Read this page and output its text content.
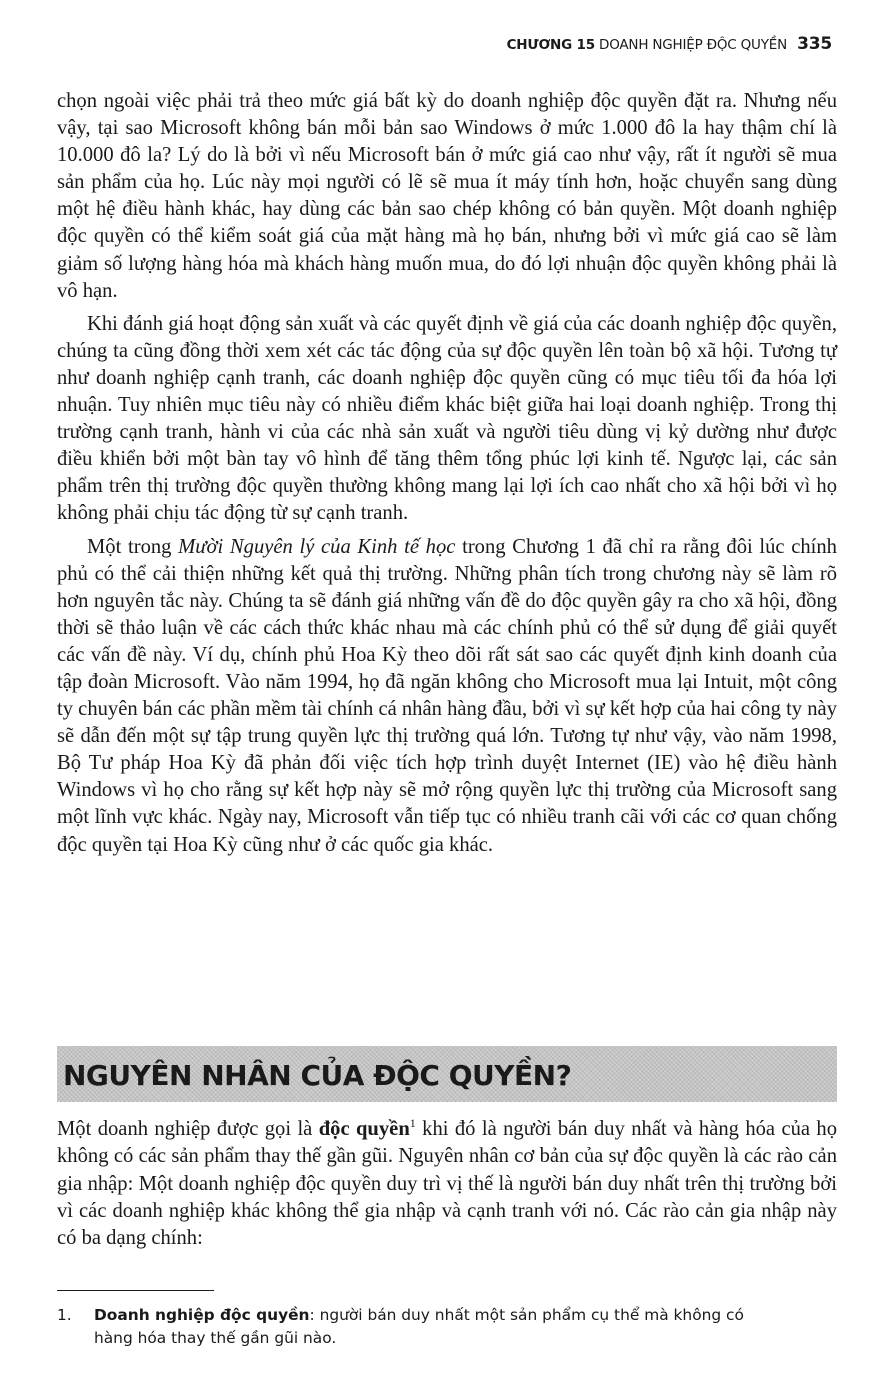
CHƯƠNG 15 DOANH NGHIỆP ĐỘC QUYỀN 335

chọn ngoài việc phải trả theo mức giá bất kỳ do doanh nghiệp độc quyền đặt ra. Nhưng nếu vậy, tại sao Microsoft không bán mỗi bản sao Windows ở mức 1.000 đô la hay thậm chí là 10.000 đô la? Lý do là bởi vì nếu Microsoft bán ở mức giá cao như vậy, rất ít người sẽ mua sản phẩm của họ. Lúc này mọi người có lẽ sẽ mua ít máy tính hơn, hoặc chuyển sang dùng một hệ điều hành khác, hay dùng các bản sao chép không có bản quyền. Một doanh nghiệp độc quyền có thể kiểm soát giá của mặt hàng mà họ bán, nhưng bởi vì mức giá cao sẽ làm giảm số lượng hàng hóa mà khách hàng muốn mua, do đó lợi nhuận độc quyền không phải là vô hạn.

Khi đánh giá hoạt động sản xuất và các quyết định về giá của các doanh nghiệp độc quyền, chúng ta cũng đồng thời xem xét các tác động của sự độc quyền lên toàn bộ xã hội. Tương tự như doanh nghiệp cạnh tranh, các doanh nghiệp độc quyền cũng có mục tiêu tối đa hóa lợi nhuận. Tuy nhiên mục tiêu này có nhiều điểm khác biệt giữa hai loại doanh nghiệp. Trong thị trường cạnh tranh, hành vi của các nhà sản xuất và người tiêu dùng vị kỷ dường như được điều khiển bởi một bàn tay vô hình để tăng thêm tổng phúc lợi kinh tế. Ngược lại, các sản phẩm trên thị trường độc quyền thường không mang lại lợi ích cao nhất cho xã hội bởi vì họ không phải chịu tác động từ sự cạnh tranh.

Một trong Mười Nguyên lý của Kinh tế học trong Chương 1 đã chỉ ra rằng đôi lúc chính phủ có thể cải thiện những kết quả thị trường. Những phân tích trong chương này sẽ làm rõ hơn nguyên tắc này. Chúng ta sẽ đánh giá những vấn đề do độc quyền gây ra cho xã hội, đồng thời sẽ thảo luận về các cách thức khác nhau mà các chính phủ có thể sử dụng để giải quyết các vấn đề này. Ví dụ, chính phủ Hoa Kỳ theo dõi rất sát sao các quyết định kinh doanh của tập đoàn Microsoft. Vào năm 1994, họ đã ngăn không cho Microsoft mua lại Intuit, một công ty chuyên bán các phần mềm tài chính cá nhân hàng đầu, bởi vì sự kết hợp của hai công ty này sẽ dẫn đến một sự tập trung quyền lực thị trường quá lớn. Tương tự như vậy, vào năm 1998, Bộ Tư pháp Hoa Kỳ đã phản đối việc tích hợp trình duyệt Internet (IE) vào hệ điều hành Windows vì họ cho rằng sự kết hợp này sẽ mở rộng quyền lực thị trường của Microsoft sang một lĩnh vực khác. Ngày nay, Microsoft vẫn tiếp tục có nhiều tranh cãi với các cơ quan chống độc quyền tại Hoa Kỳ cũng như ở các quốc gia khác.

NGUYÊN NHÂN CỦA ĐỘC QUYỀN?

Một doanh nghiệp được gọi là độc quyền$^1$ khi đó là người bán duy nhất và hàng hóa của họ không có các sản phẩm thay thế gần gũi. Nguyên nhân cơ bản của sự độc quyền là các rào cản gia nhập: Một doanh nghiệp độc quyền duy trì vị thế là người bán duy nhất trên thị trường bởi vì các doanh nghiệp khác không thể gia nhập và cạnh tranh với nó. Các rào cản gia nhập này có ba dạng chính:

1. Doanh nghiệp độc quyền: người bán duy nhất một sản phẩm cụ thể mà không có
hàng hóa thay thế gần gũi nào.
